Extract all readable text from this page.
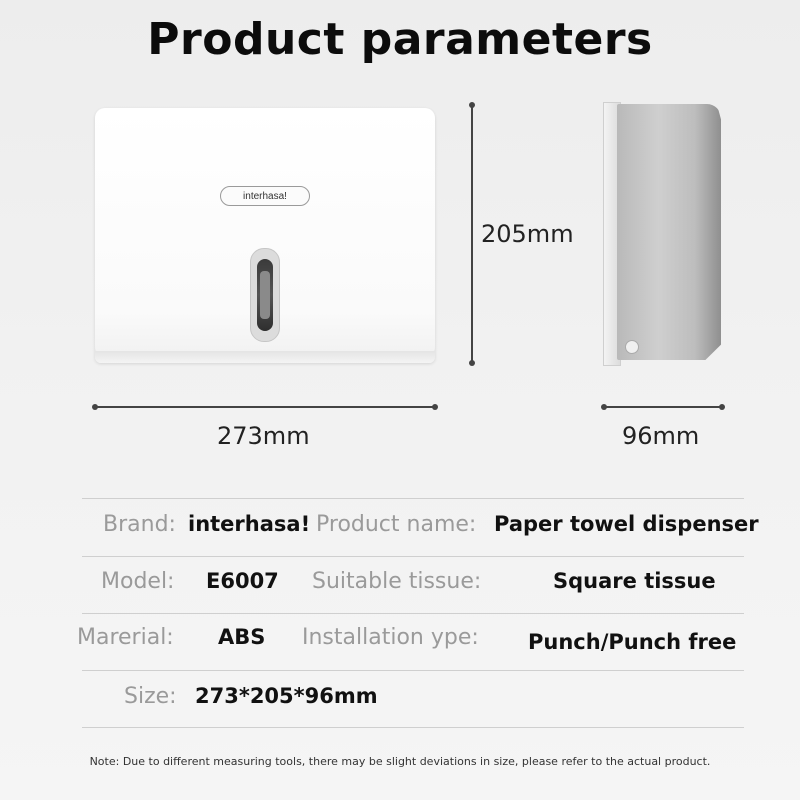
Product parameters
interhasa!
205mm
273mm	96mm
Brand: interhasa! Product name: Paper towel dispenser
Model: E6007 Suitable tissue:	Square tissue
Marerial: ABS Installation ype: Punch/Punch free
Size: 273*205*96mm
Note: Due to different measuring tools, there may be slight deviations in size, please refer to the actual product.
